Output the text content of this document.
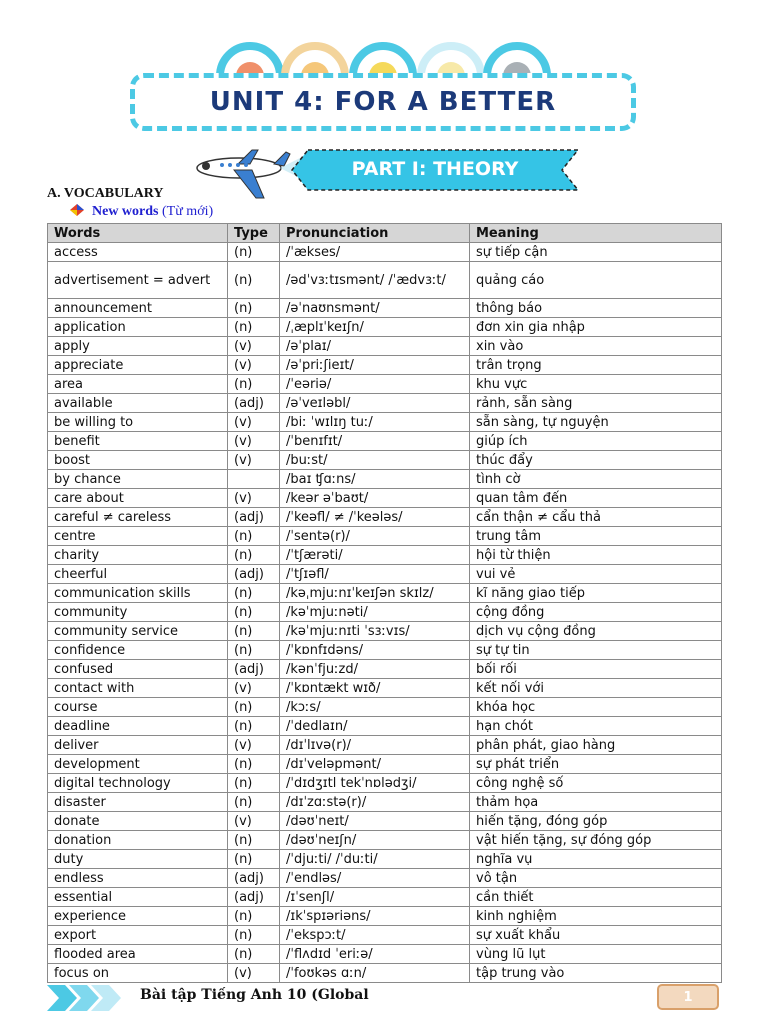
UNIT 4: FOR A BETTER
PART I: THEORY
A. VOCABULARY
New words (Từ mới)
Words	Type	Pronunciation	Meaning
access	(n)	/ˈækses/	sự tiếp cận
advertisement = advert	(n)	/ədˈvɜːtɪsmənt/ /ˈædvɜːt/	quảng cáo
announcement	(n)	/əˈnaʊnsmənt/	thông báo
application	(n)	/ˌæplɪˈkeɪʃn/	đơn xin gia nhập
apply	(v)	/əˈplaɪ/	xin vào
appreciate	(v)	/əˈpriːʃieɪt/	trân trọng
area	(n)	/ˈeəriə/	khu vực
available	(adj)	/əˈveɪləbl/	rảnh, sẵn sàng
be willing to	(v)	/biː ˈwɪlɪŋ tuː/	sẵn sàng, tự nguyện
benefit	(v)	/ˈbenɪfɪt/	giúp ích
boost	(v)	/buːst/	thúc đẩy
by chance		/baɪ ʧɑːns/	tình cờ
care about	(v)	/keər əˈbaʊt/	quan tâm đến
careful ≠ careless	(adj)	/ˈkeəfl/ ≠ /ˈkeələs/	cẩn thận ≠ cẩu thả
centre	(n)	/ˈsentə(r)/	trung tâm
charity	(n)	/ˈtʃærəti/	hội từ thiện
cheerful	(adj)	/ˈtʃɪəfl/	vui vẻ
communication skills	(n)	/kəˌmjuːnɪˈkeɪʃən skɪlz/	kĩ năng giao tiếp
community	(n)	/kəˈmjuːnəti/	cộng đồng
community service	(n)	/kəˈmjuːnɪti ˈsɜːvɪs/	dịch vụ cộng đồng
confidence	(n)	/ˈkɒnfɪdəns/	sự tự tin
confused	(adj)	/kənˈfjuːzd/	bối rối
contact with	(v)	/ˈkɒntækt wɪð/	kết nối với
course	(n)	/kɔːs/	khóa học
deadline	(n)	/ˈdedlaɪn/	hạn chót
deliver	(v)	/dɪˈlɪvə(r)/	phân phát, giao hàng
development	(n)	/dɪˈveləpmənt/	sự phát triển
digital technology	(n)	/ˈdɪdʒɪtl tekˈnɒlədʒi/	công nghệ số
disaster	(n)	/dɪˈzɑːstə(r)/	thảm họa
donate	(v)	/dəʊˈneɪt/	hiến tặng, đóng góp
donation	(n)	/dəʊˈneɪʃn/	vật hiến tặng, sự đóng góp
duty	(n)	/ˈdjuːti/ /ˈduːti/	nghĩa vụ
endless	(adj)	/ˈendləs/	vô tận
essential	(adj)	/ɪˈsenʃl/	cần thiết
experience	(n)	/ɪkˈspɪəriəns/	kinh nghiệm
export	(n)	/ˈekspɔːt/	sự xuất khẩu
flooded area	(n)	/ˈflʌdɪd ˈeriːə/	vùng lũ lụt
focus on	(v)	/ˈfoʊkəs ɑːn/	tập trung vào
Bài tập Tiếng Anh 10 (Global	1
